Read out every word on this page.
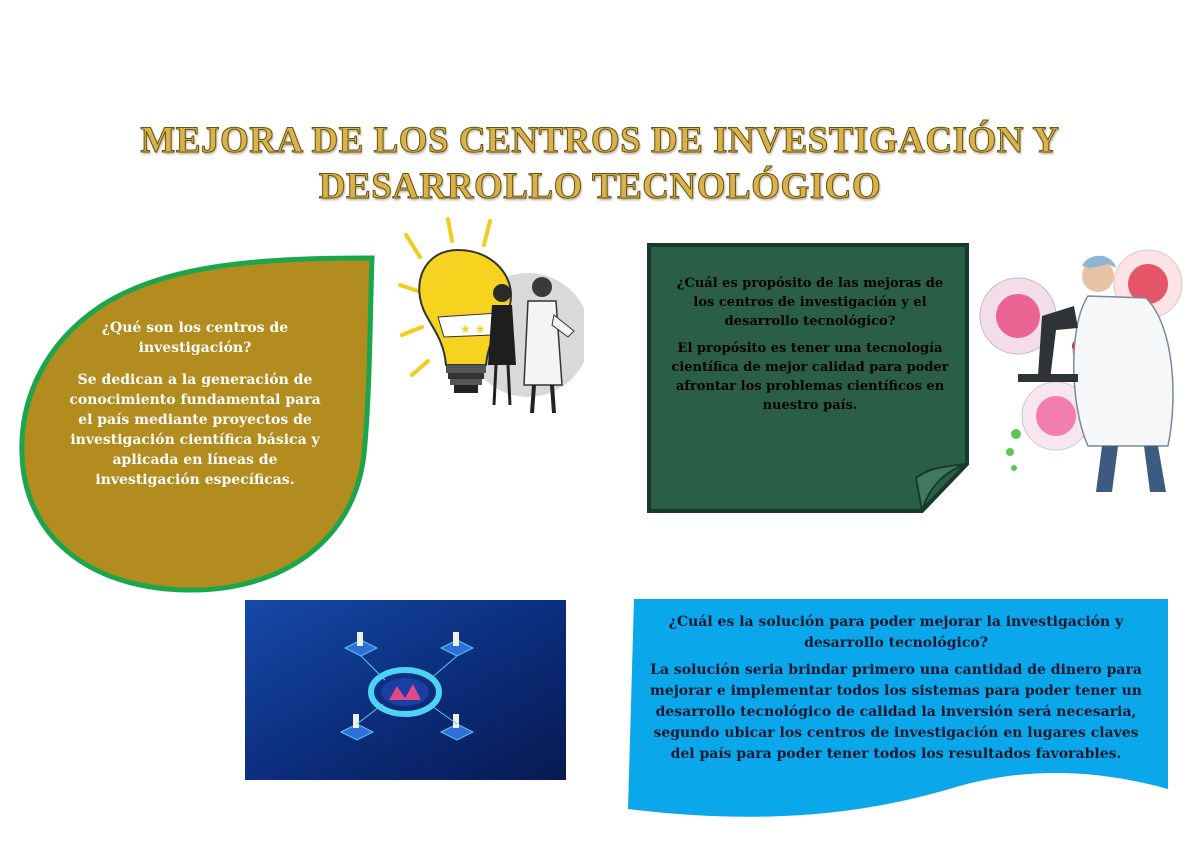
MEJORA DE LOS CENTROS DE INVESTIGACIÓN Y
DESARROLLO TECNOLÓGICO

¿Qué son los centros de investigación?

Se dedican a la generación de conocimiento fundamental para el país mediante proyectos de investigación científica básica y aplicada en líneas de investigación específicas.

★ ★

¿Cuál es propósito de las mejoras de los centros de investigación y el desarrollo tecnológico?

El propósito es tener una tecnología científica de mejor calidad para poder afrontar los problemas científicos en nuestro país.

¿Cuál es la solución para poder mejorar la investigación y desarrollo tecnológico?

La solución seria brindar primero una cantidad de dinero para mejorar e implementar todos los sistemas para poder tener un desarrollo tecnológico de calidad la inversión será necesaria, segundo ubicar los centros de investigación en lugares claves del país para poder tener todos los resultados favorables.
